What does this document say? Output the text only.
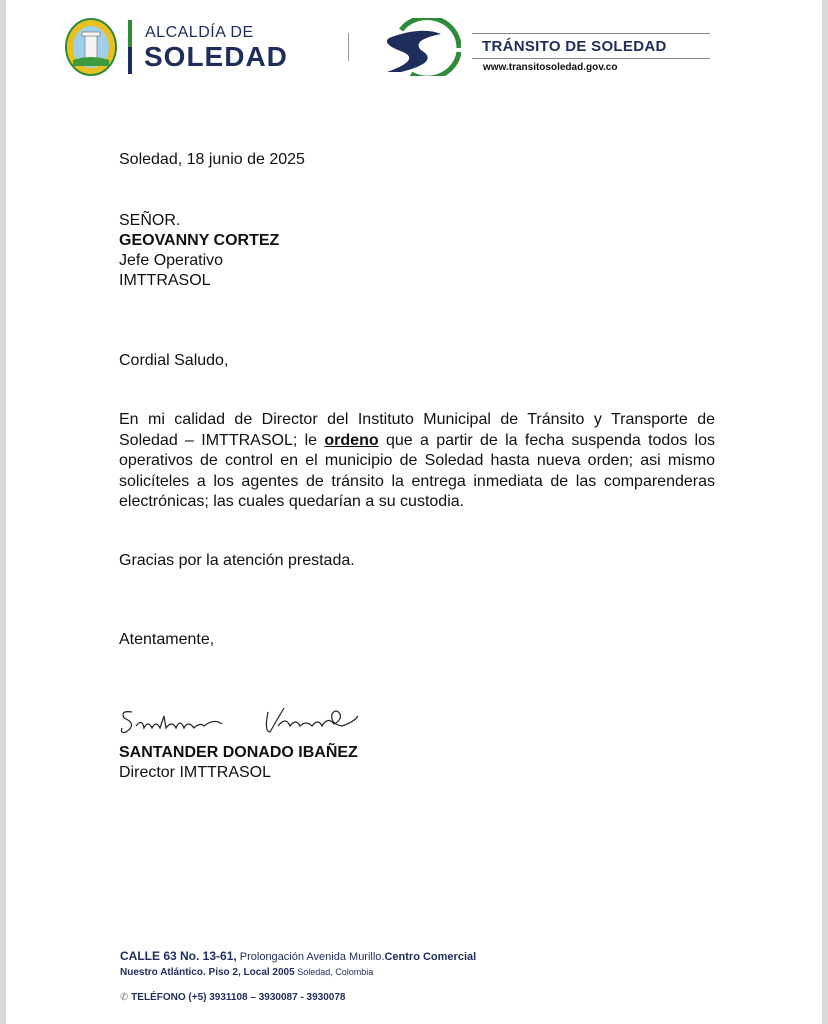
ALCALDÍA DE
SOLEDAD	TRÁNSITO DE SOLEDAD
www.transitosoledad.gov.co
Soledad, 18 junio de 2025
SEÑOR.
GEOVANNY CORTEZ
Jefe Operativo
IMTTRASOL
Cordial Saludo,
En mi calidad de Director del Instituto Municipal de Tránsito y Transporte de Soledad – IMTTRASOL; le ordeno que a partir de la fecha suspenda todos los operativos de control en el municipio de Soledad hasta nueva orden; asi mismo solicíteles a los agentes de tránsito la entrega inmediata de las comparenderas electrónicas; las cuales quedarían a su custodia.
Gracias por la atención prestada.
Atentamente,
SANTANDER DONADO IBAÑEZ
Director IMTTRASOL
CALLE 63 No. 13-61, Prolongación Avenida Murillo.Centro Comercial
Nuestro Atlántico. Piso 2, Local 2005 Soledad, Colombia
✆ TELÉFONO (+5) 3931108 – 3930087 - 3930078
